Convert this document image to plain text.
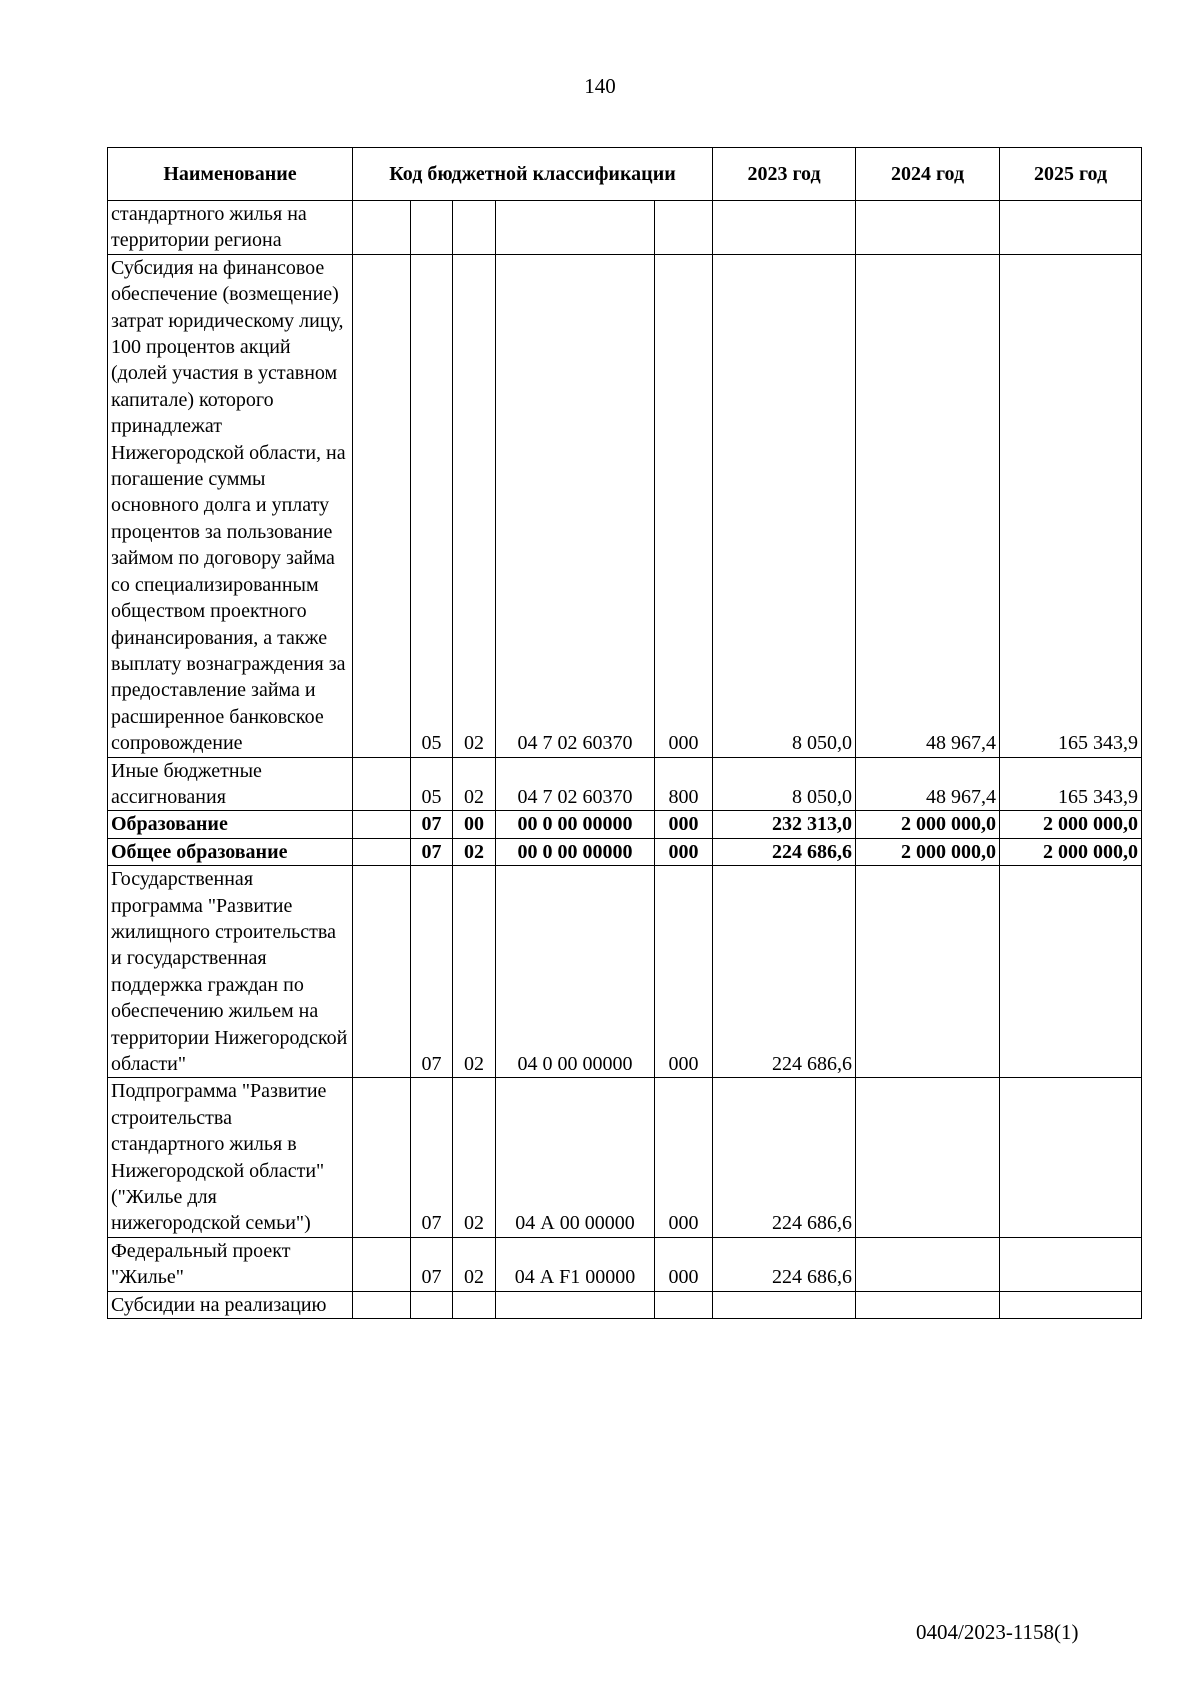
140
Наименование	Код бюджетной классификации					2023 год	2024 год	2025 год
стандартного жилья на территории региона								
Субсидия на финансовое обеспечение (возмещение) затрат юридическому лицу, 100 процентов акций (долей участия в уставном капитале) которого принадлежат Нижегородской области, на погашение суммы основного долга и уплату процентов за пользование займом по договору займа со специализированным обществом проектного финансирования, а также выплату вознаграждения за предоставление займа и расширенное банковское сопровождение		05	02	04 7 02 60370	000	8 050,0	48 967,4	165 343,9
Иные бюджетные ассигнования		05	02	04 7 02 60370	800	8 050,0	48 967,4	165 343,9
Образование		07	00	00 0 00 00000	000	232 313,0	2 000 000,0	2 000 000,0
Общее образование		07	02	00 0 00 00000	000	224 686,6	2 000 000,0	2 000 000,0
Государственная программа "Развитие жилищного строительства и государственная поддержка граждан по обеспечению жильем на территории Нижегородской области"		07	02	04 0 00 00000	000	224 686,6		
Подпрограмма "Развитие строительства стандартного жилья в Нижегородской области" ("Жилье для нижегородской семьи")		07	02	04 А 00 00000	000	224 686,6		
Федеральный проект "Жилье"		07	02	04 А F1 00000	000	224 686,6		
Субсидии на реализацию								
0404/2023-1158(1)
